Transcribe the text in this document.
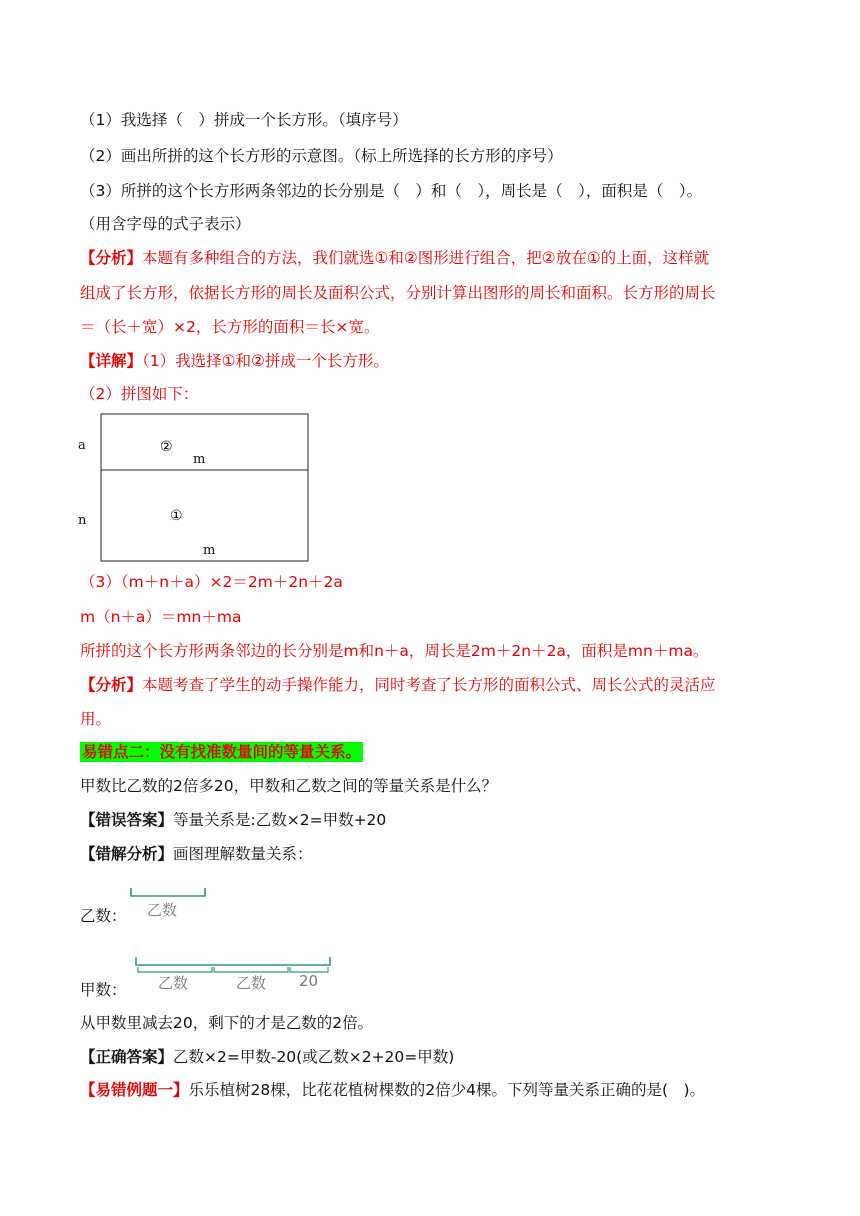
（1）我选择（　）拼成一个长方形。（填序号）
（2）画出所拼的这个长方形的示意图。（标上所选择的长方形的序号）
（3）所拼的这个长方形两条邻边的长分别是（　）和（　），周长是（　），面积是（　）。
（用含字母的式子表示）
【分析】本题有多种组合的方法，我们就选①和②图形进行组合，把②放在①的上面，这样就
组成了长方形，依据长方形的周长及面积公式，分别计算出图形的周长和面积。长方形的周长
＝（长＋宽）×2，长方形的面积＝长×宽。
【详解】（1）我选择①和②拼成一个长方形。
（2）拼图如下：
a
n
②
m
①
m
（3）（m＋n＋a）×2＝2m＋2n＋2a
m（n＋a）＝mn＋ma
所拼的这个长方形两条邻边的长分别是m和n＋a，周长是2m＋2n＋2a，面积是mn＋ma。
【分析】本题考查了学生的动手操作能力，同时考查了长方形的面积公式、周长公式的灵活应
用。
易错点二：没有找准数量间的等量关系。
甲数比乙数的2倍多20，甲数和乙数之间的等量关系是什么？
【错误答案】等量关系是:乙数×2=甲数+20
【错解分析】画图理解数量关系：
乙数： 乙数
甲数： 乙数	乙数 20
从甲数里减去20，剩下的才是乙数的2倍。
【正确答案】乙数×2=甲数-20(或乙数×2+20=甲数)
【易错例题一】乐乐植树28棵，比花花植树棵数的2倍少4棵。下列等量关系正确的是(　)。
